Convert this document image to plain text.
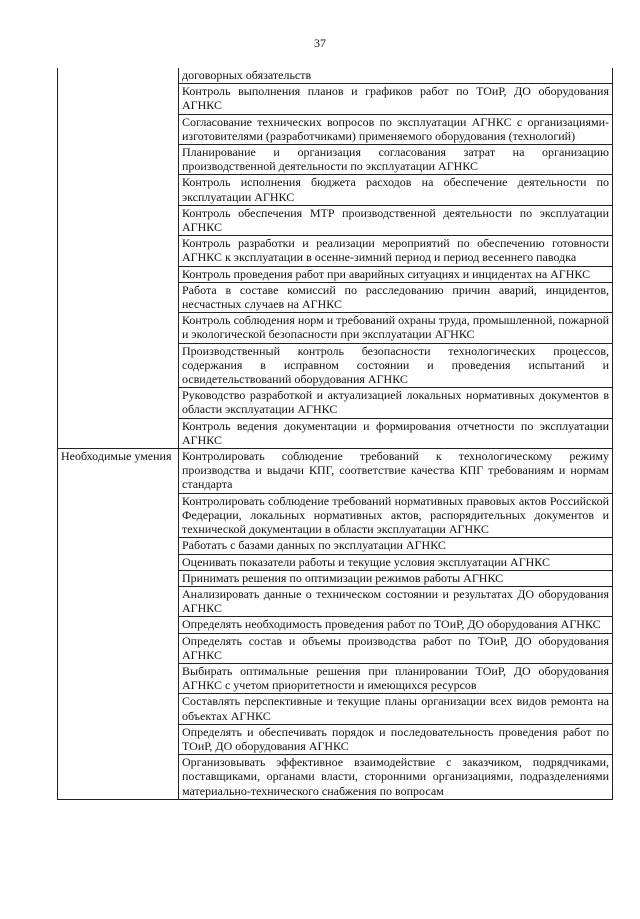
37
	договорных обязательств
	Контроль выполнения планов и графиков работ по ТОиР, ДО оборудования АГНКС
	Согласование технических вопросов по эксплуатации АГНКС с организациями-изготовителями (разработчиками) применяемого оборудования (технологий)
	Планирование и организация согласования затрат на организацию производственной деятельности по эксплуатации АГНКС
	Контроль исполнения бюджета расходов на обеспечение деятельности по эксплуатации АГНКС
	Контроль обеспечения МТР производственной деятельности по эксплуатации АГНКС
	Контроль разработки и реализации мероприятий по обеспечению готовности АГНКС к эксплуатации в осенне-зимний период и период весеннего паводка
	Контроль проведения работ при аварийных ситуациях и инцидентах на АГНКС
	Работа в составе комиссий по расследованию причин аварий, инцидентов, несчастных случаев на АГНКС
	Контроль соблюдения норм и требований охраны труда, промышленной, пожарной и экологической безопасности при эксплуатации АГНКС
	Производственный контроль безопасности технологических процессов, содержания в исправном состоянии и проведения испытаний и освидетельствований оборудования АГНКС
	Руководство разработкой и актуализацией локальных нормативных документов в области эксплуатации АГНКС
	Контроль ведения документации и формирования отчетности по эксплуатации АГНКС
Необходимые умения	Контролировать соблюдение требований к технологическому режиму производства и выдачи КПГ, соответствие качества КПГ требованиям и нормам стандарта
	Контролировать соблюдение требований нормативных правовых актов Российской Федерации, локальных нормативных актов, распорядительных документов и технической документации в области эксплуатации АГНКС
	Работать с базами данных по эксплуатации АГНКС
	Оценивать показатели работы и текущие условия эксплуатации АГНКС
	Принимать решения по оптимизации режимов работы АГНКС
	Анализировать данные о техническом состоянии и результатах ДО оборудования АГНКС
	Определять необходимость проведения работ по ТОиР, ДО оборудования АГНКС
	Определять состав и объемы производства работ по ТОиР, ДО оборудования АГНКС
	Выбирать оптимальные решения при планировании ТОиР, ДО оборудования АГНКС с учетом приоритетности и имеющихся ресурсов
	Составлять перспективные и текущие планы организации всех видов ремонта на объектах АГНКС
	Определять и обеспечивать порядок и последовательность проведения работ по ТОиР, ДО оборудования АГНКС
	Организовывать эффективное взаимодействие с заказчиком, подрядчиками, поставщиками, органами власти, сторонними организациями, подразделениями материально-технического снабжения по вопросам
